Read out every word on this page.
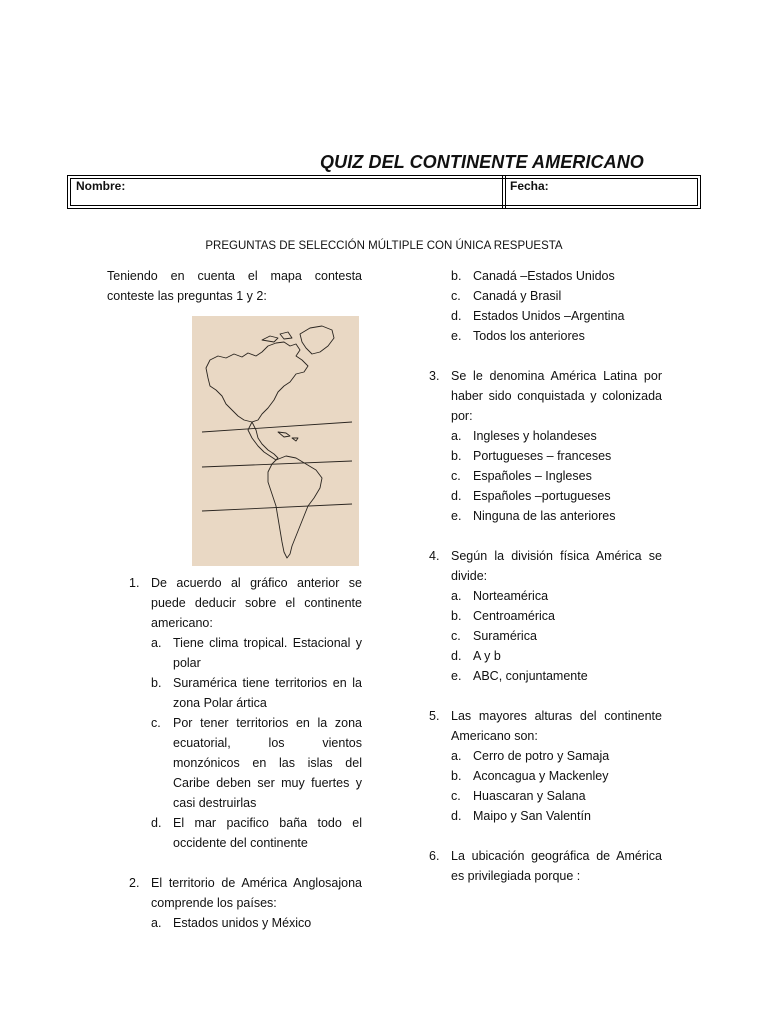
QUIZ DEL CONTINENTE AMERICANO
Nombre:	Fecha:
PREGUNTAS DE SELECCIÓN MÚLTIPLE CON ÚNICA RESPUESTA

Teniendo en cuenta el mapa contesta conteste las preguntas 1 y 2:

1. De acuerdo al gráfico anterior se puede deducir sobre el continente americano:
a. Tiene clima tropical. Estacional y polar
b. Suramérica tiene territorios en la zona Polar ártica
c. Por tener territorios en la zona ecuatorial, los vientos monzónicos en las islas del Caribe deben ser muy fuertes y casi destruirlas
d. El mar pacifico baña todo el occidente del continente
2. El territorio de América Anglosajona comprende los países:
a. Estados unidos y México
b. Canadá –Estados Unidos
c. Canadá y Brasil
d. Estados Unidos –Argentina
e. Todos los anteriores
3. Se le denomina América Latina por haber sido conquistada y colonizada por:
a. Ingleses y holandeses
b. Portugueses – franceses
c. Españoles – Ingleses
d. Españoles –portugueses
e. Ninguna de las anteriores
4. Según la división física América se divide:
a. Norteamérica
b. Centroamérica
c. Suramérica
d. A y b
e. ABC, conjuntamente
5. Las mayores alturas del continente Americano son:
a. Cerro de potro y Samaja
b. Aconcagua y Mackenley
c. Huascaran y Salana
d. Maipo y San Valentín
6. La ubicación geográfica de América es privilegiada porque :
